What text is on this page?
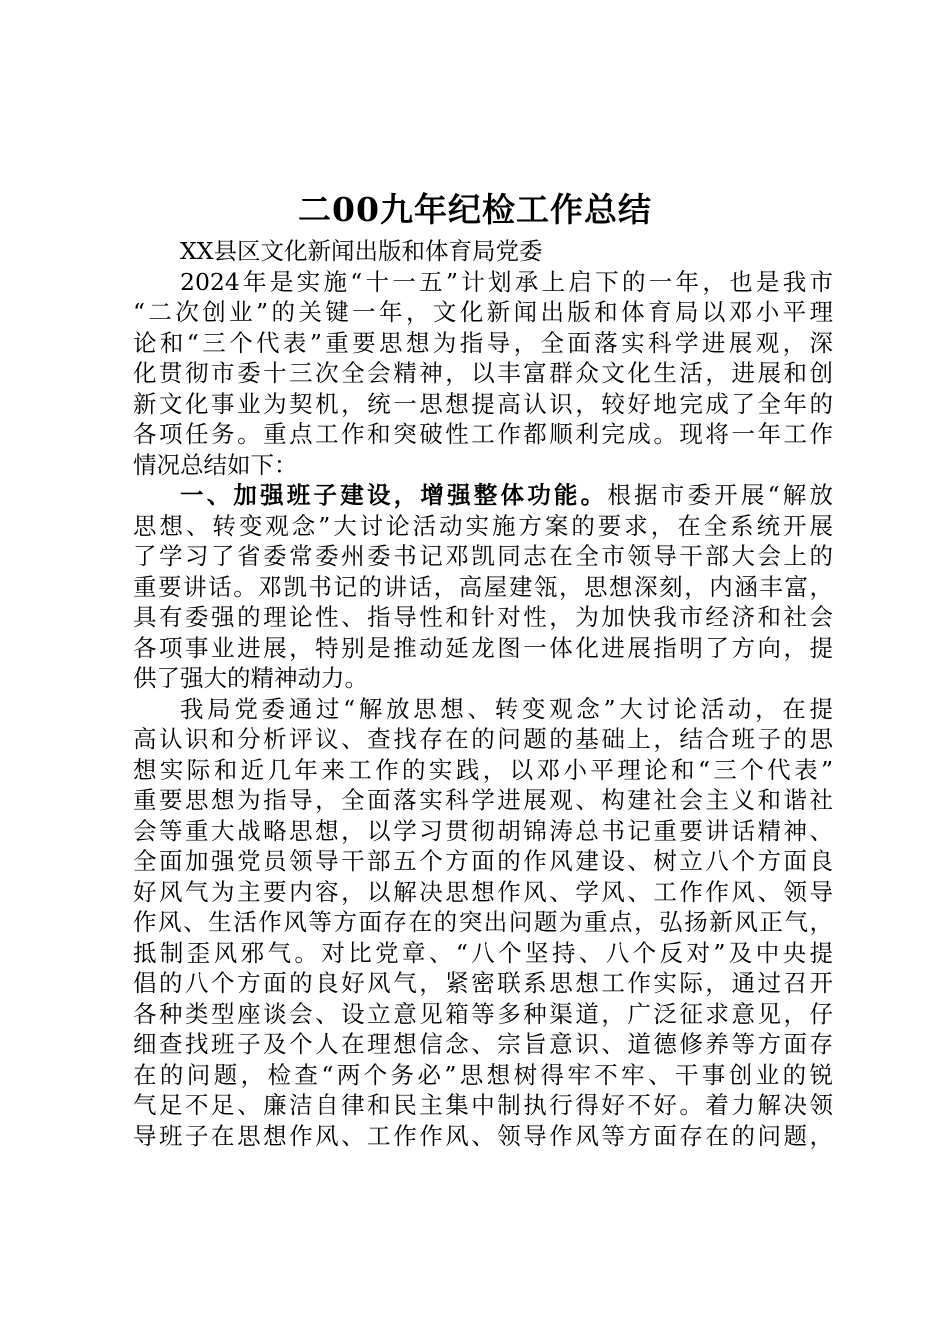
二00九年纪检工作总结
XX县区文化新闻出版和体育局党委
2024年是实施“十一五”计划承上启下的一年，也是我市
“二次创业”的关键一年，文化新闻出版和体育局以邓小平理
论和“三个代表”重要思想为指导，全面落实科学进展观，深
化贯彻市委十三次全会精神，以丰富群众文化生活，进展和创
新文化事业为契机，统一思想提高认识，较好地完成了全年的
各项任务。重点工作和突破性工作都顺利完成。现将一年工作
情况总结如下：
一、加强班子建设，增强整体功能。根据市委开展“解放
思想、转变观念”大讨论活动实施方案的要求，在全系统开展
了学习了省委常委州委书记邓凯同志在全市领导干部大会上的
重要讲话。邓凯书记的讲话，高屋建瓴，思想深刻，内涵丰富，
具有委强的理论性、指导性和针对性，为加快我市经济和社会
各项事业进展，特别是推动延龙图一体化进展指明了方向，提
供了强大的精神动力。
我局党委通过“解放思想、转变观念”大讨论活动，在提
高认识和分析评议、查找存在的问题的基础上，结合班子的思
想实际和近几年来工作的实践，以邓小平理论和“三个代表”
重要思想为指导，全面落实科学进展观、构建社会主义和谐社
会等重大战略思想，以学习贯彻胡锦涛总书记重要讲话精神、
全面加强党员领导干部五个方面的作风建设、树立八个方面良
好风气为主要内容，以解决思想作风、学风、工作作风、领导
作风、生活作风等方面存在的突出问题为重点，弘扬新风正气，
抵制歪风邪气。对比党章、“八个坚持、八个反对”及中央提
倡的八个方面的良好风气，紧密联系思想工作实际，通过召开
各种类型座谈会、设立意见箱等多种渠道，广泛征求意见，仔
细查找班子及个人在理想信念、宗旨意识、道德修养等方面存
在的问题，检查“两个务必”思想树得牢不牢、干事创业的锐
气足不足、廉洁自律和民主集中制执行得好不好。着力解决领
导班子在思想作风、工作作风、领导作风等方面存在的问题，
